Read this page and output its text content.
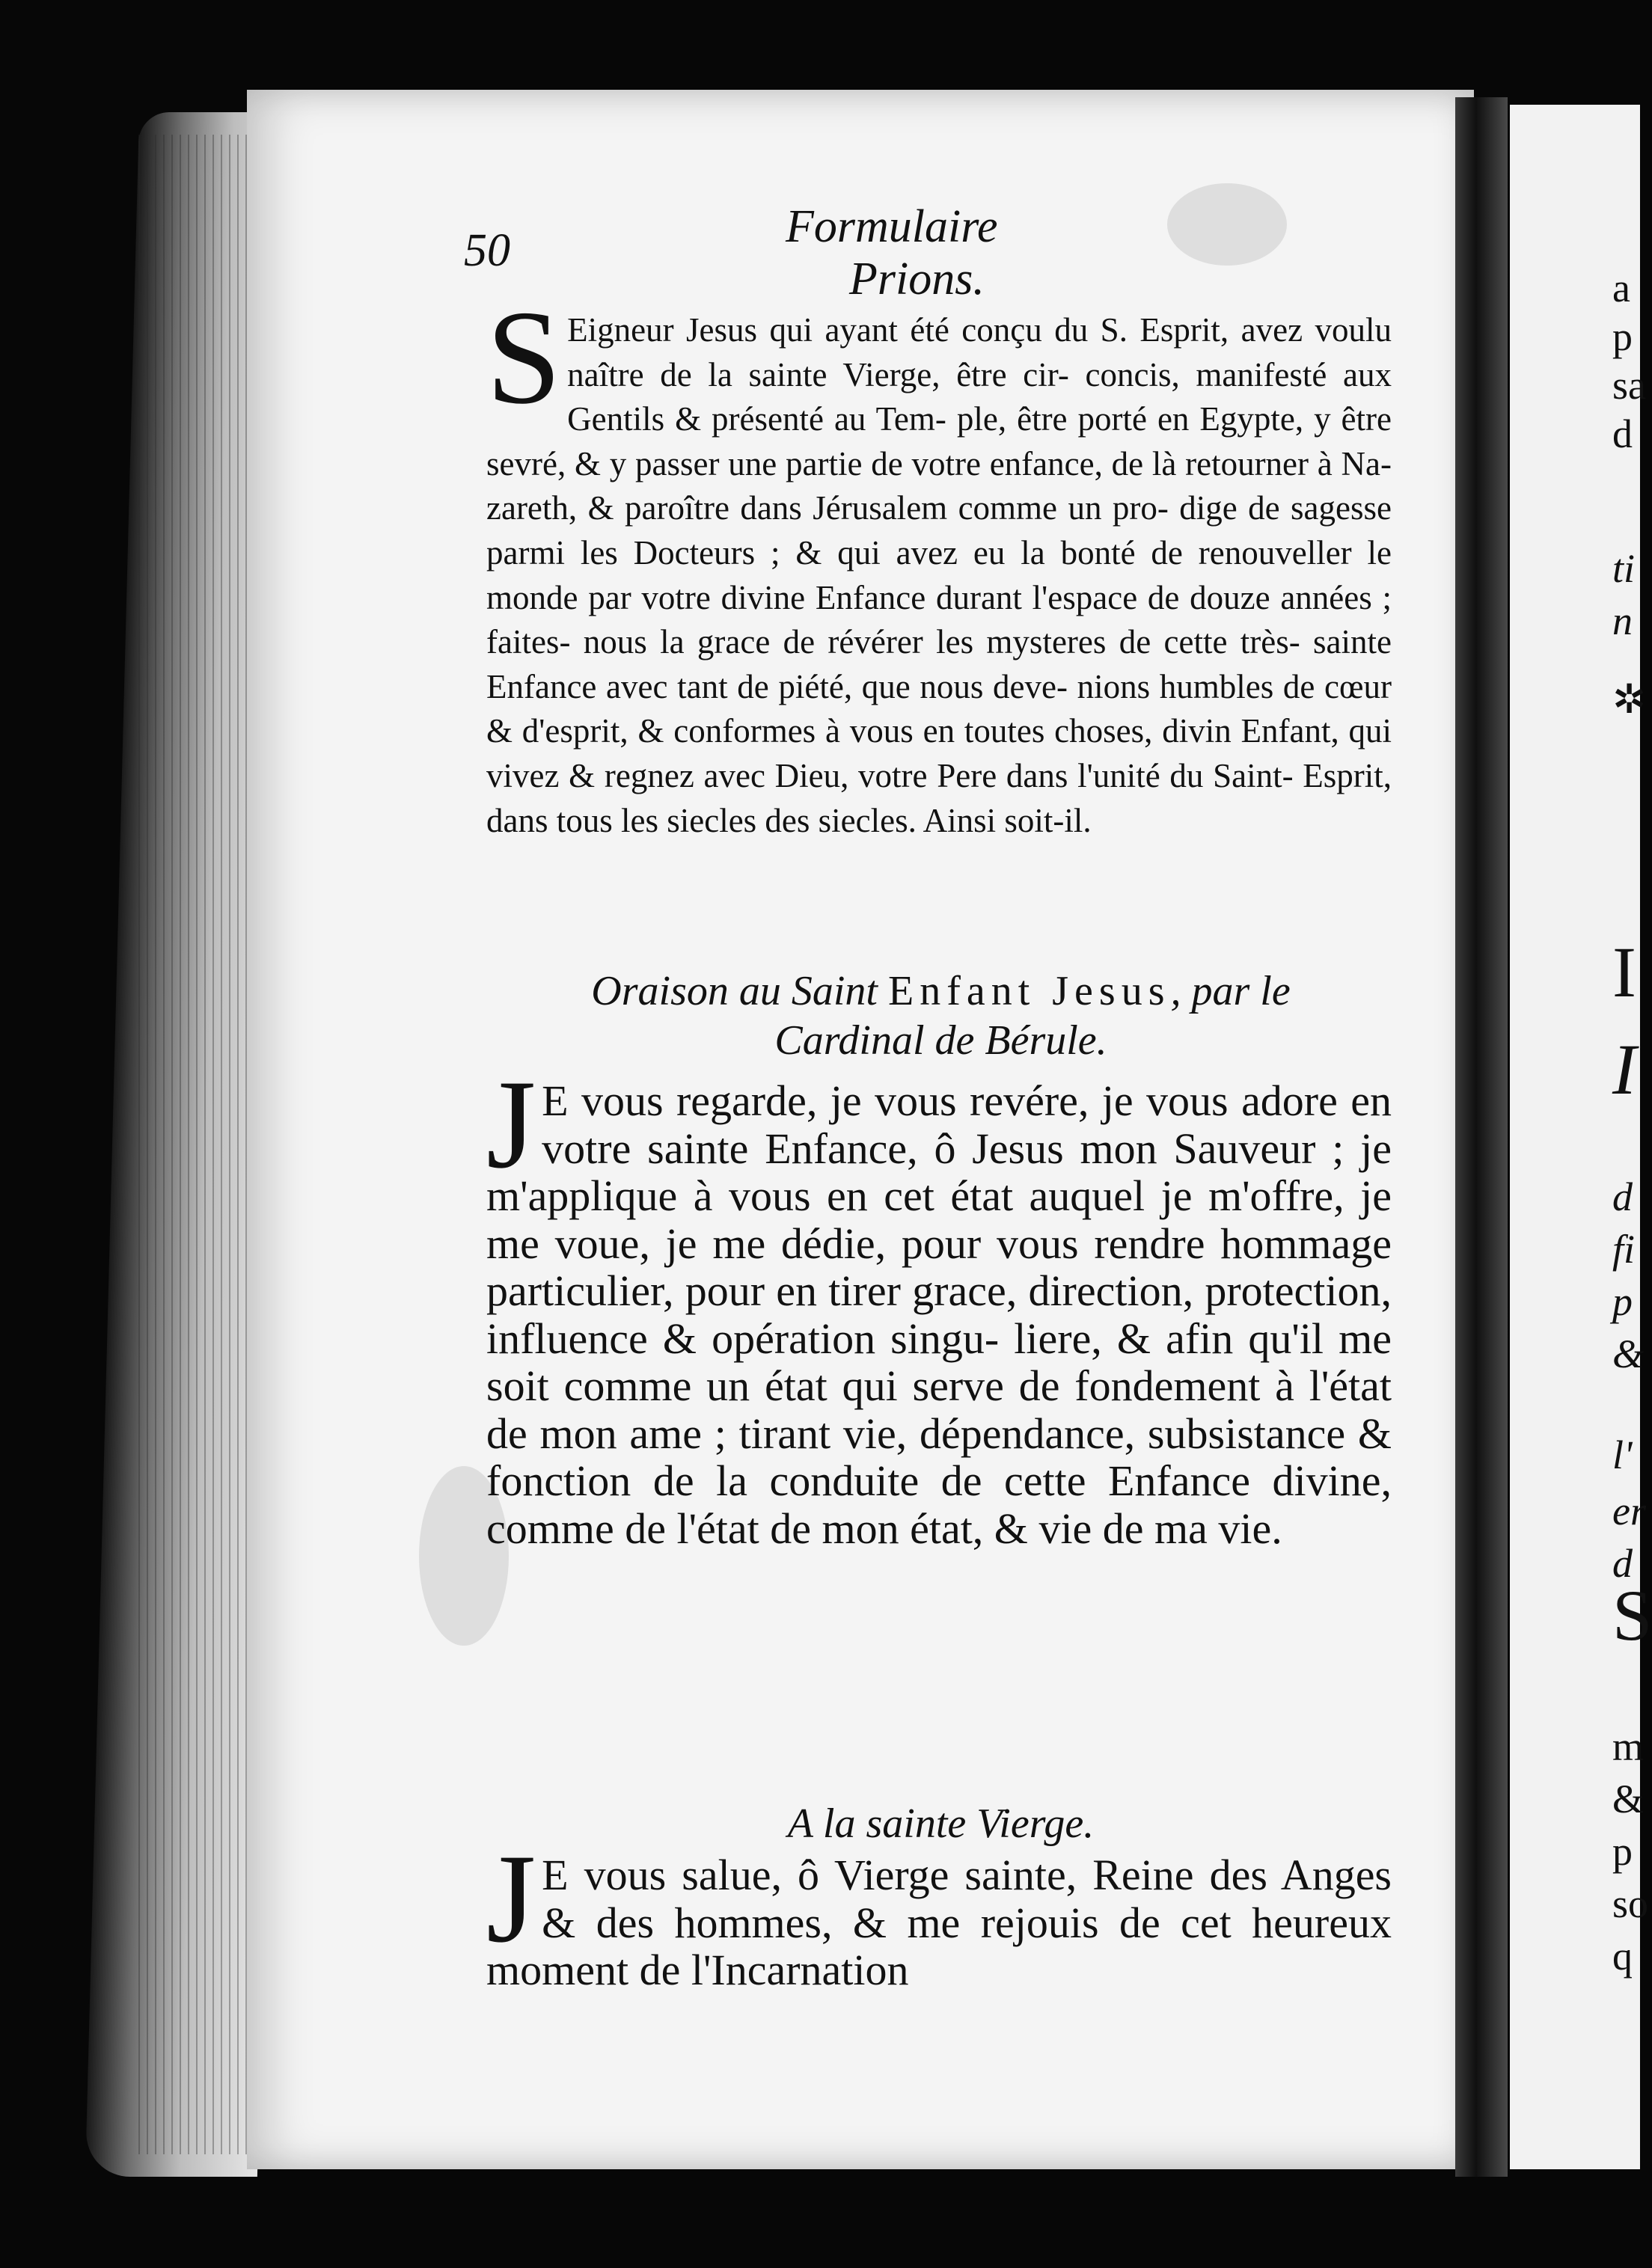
50	Formulaire
Prions.
S Eigneur Jesus qui ayant été conçu du S. Esprit, avez voulu naître de la sainte Vierge, être cir- concis, manifesté aux Gentils & présenté au Tem- ple, être porté en Egypte, y être sevré, & y passer une partie de votre enfance, de là retourner à Na- zareth, & paroître dans Jérusalem comme un pro- dige de sagesse parmi les Docteurs ; & qui avez eu la bonté de renouveller le monde par votre divine Enfance durant l'espace de douze années ; faites- nous la grace de révérer les mysteres de cette très- sainte Enfance avec tant de piété, que nous deve- nions humbles de cœur & d'esprit, & conformes à vous en toutes choses, divin Enfant, qui vivez & regnez avec Dieu, votre Pere dans l'unité du Saint- Esprit, dans tous les siecles des siecles. Ainsi soit-il.

Oraison au Saint Enfant Jesus, par le
Cardinal de Bérule.

J E vous regarde, je vous revére, je vous adore en votre sainte Enfance, ô Jesus mon Sauveur ; je m'applique à vous en cet état auquel je m'offre, je me voue, je me dédie, pour vous rendre hommage particulier, pour en tirer grace, direction, protection, influence & opération singu- liere, & afin qu'il me soit comme un état qui serve de fondement à l'état de mon ame ; tirant vie, dépendance, subsistance & fonction de la conduite de cette Enfance divine, comme de l'état de mon état, & vie de ma vie.

A la sainte Vierge.

J E vous salue, ô Vierge sainte, Reine des Anges & des hommes, & me rejouis de cet heureux moment de l'Incarnation
a
p
sa
d
ti
n
✲
I
I
d
fi
p
&
l'
er
d
S
m
&
p
so
q
